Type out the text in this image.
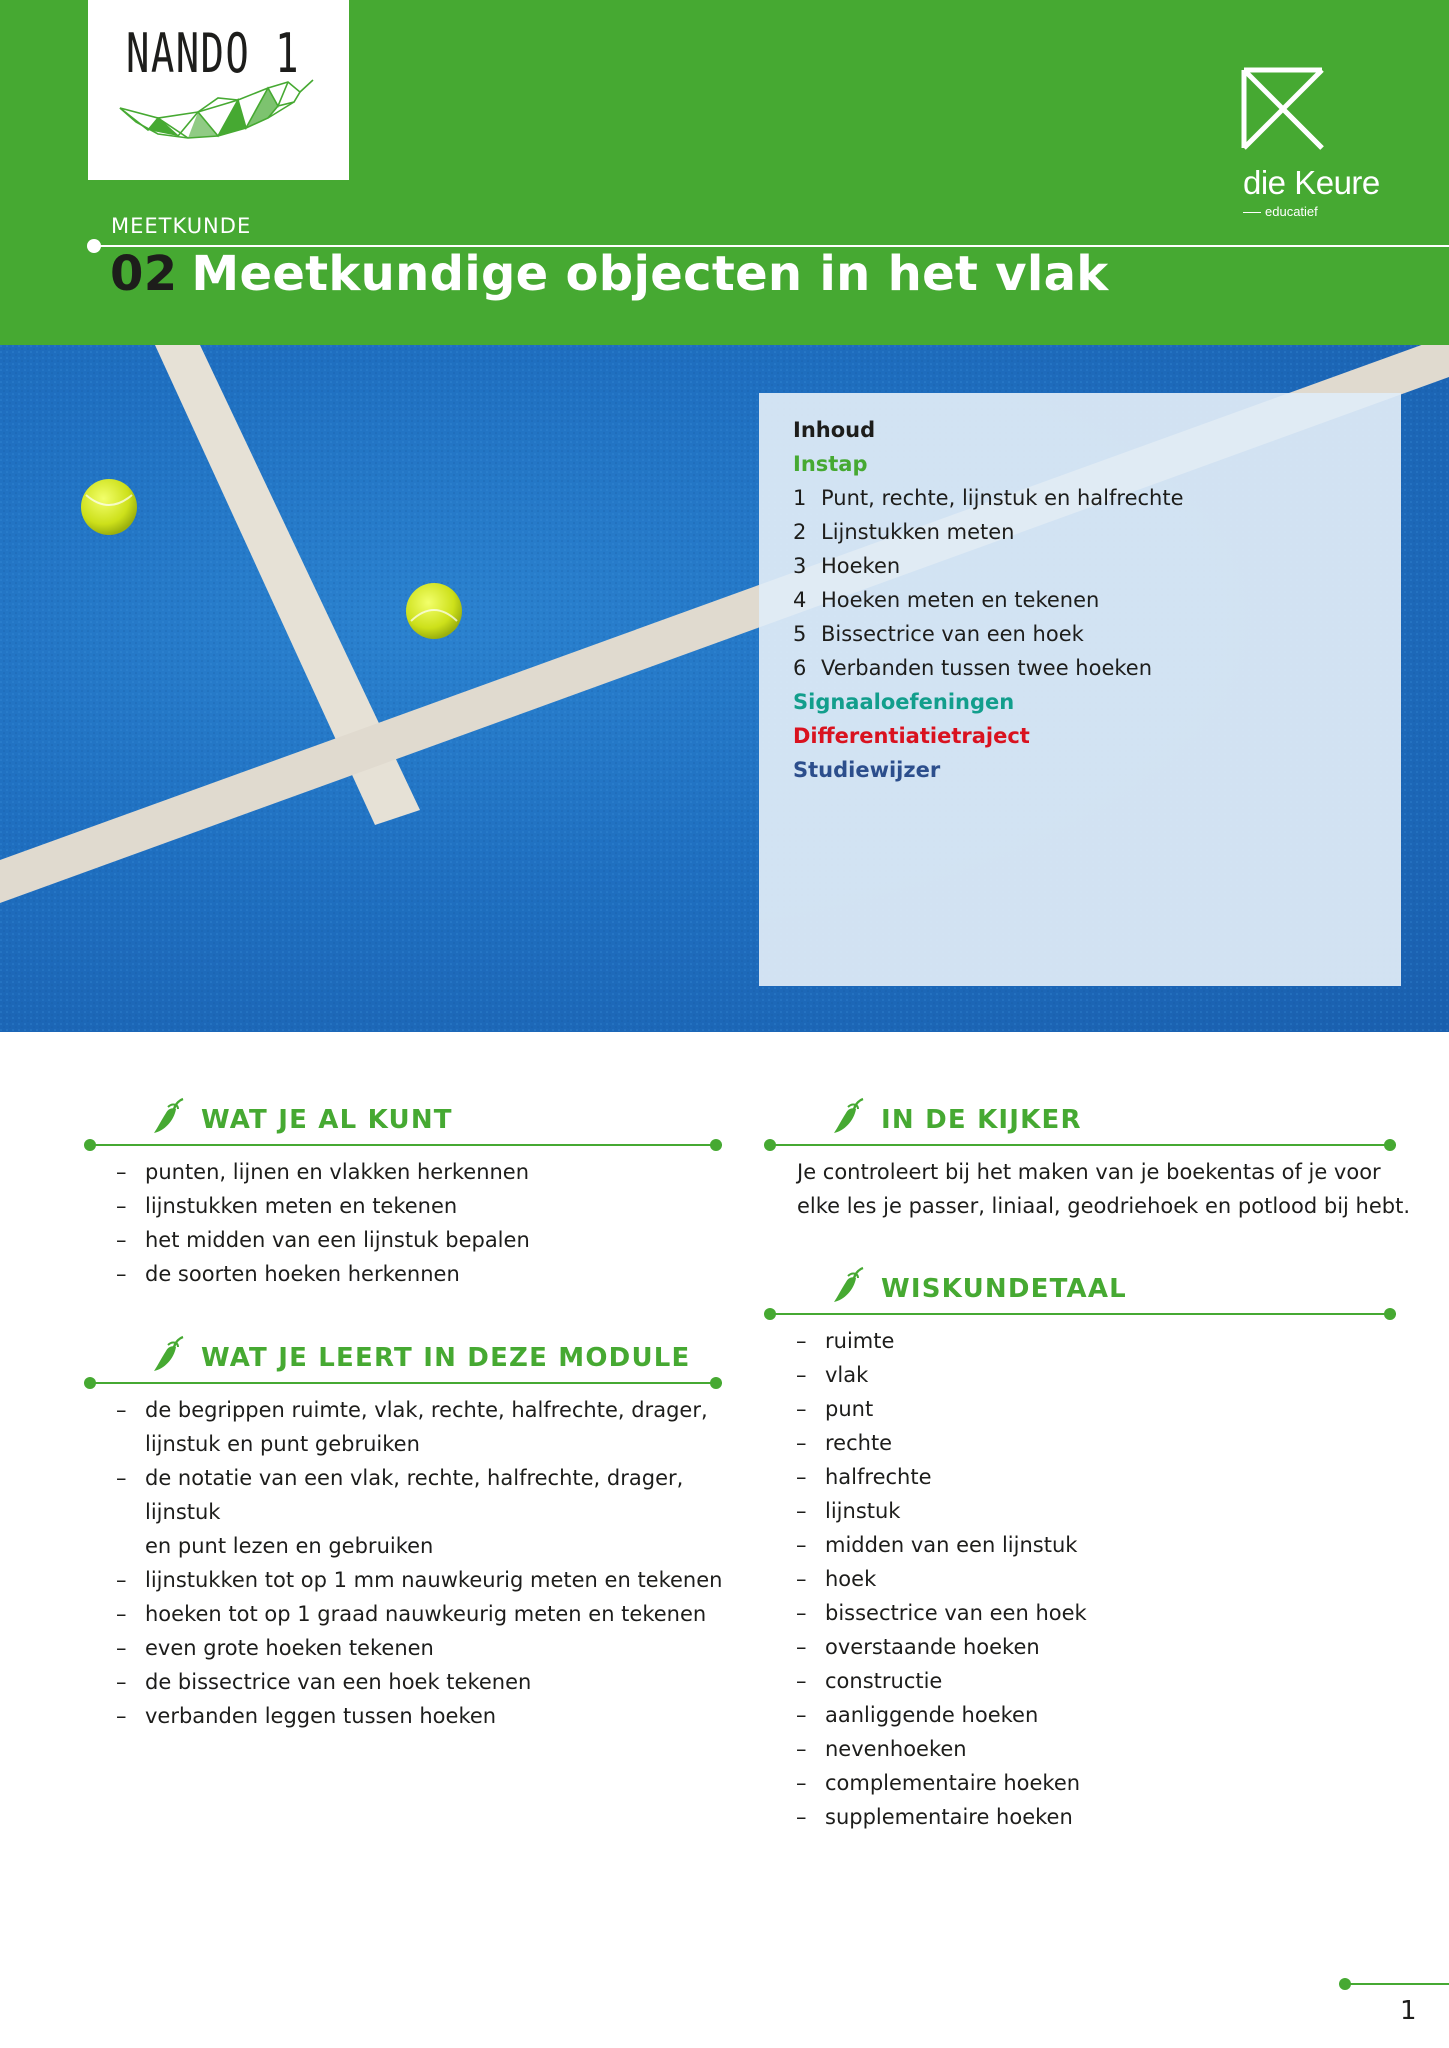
NANDO 1
die Keure
educatief
MEETKUNDE
02 Meetkundige objecten in het vlak
Inhoud
Instap
1 Punt, rechte, lijnstuk en halfrechte
2 Lijnstukken meten
3 Hoeken
4 Hoeken meten en tekenen
5 Bissectrice van een hoek
6 Verbanden tussen twee hoeken
Signaaloefeningen
Differentiatietraject
Studiewijzer
WAT JE AL KUNT
– punten, lijnen en vlakken herkennen
– lijnstukken meten en tekenen
– het midden van een lijnstuk bepalen
– de soorten hoeken herkennen
WAT JE LEERT IN DEZE MODULE
– de begrippen ruimte, vlak, rechte, halfrechte, drager,
lijnstuk en punt gebruiken
– de notatie van een vlak, rechte, halfrechte, drager, lijnstuk
en punt lezen en gebruiken
– lijnstukken tot op 1 mm nauwkeurig meten en tekenen
– hoeken tot op 1 graad nauwkeurig meten en tekenen
– even grote hoeken tekenen
– de bissectrice van een hoek tekenen
– verbanden leggen tussen hoeken
IN DE KIJKER
Je controleert bij het maken van je boekentas of je voor
elke les je passer, liniaal, geodriehoek en potlood bij hebt.
WISKUNDETAAL
– ruimte
– vlak
– punt
– rechte
– halfrechte
– lijnstuk
– midden van een lijnstuk
– hoek
– bissectrice van een hoek
– overstaande hoeken
– constructie
– aanliggende hoeken
– nevenhoeken
– complementaire hoeken
– supplementaire hoeken
1
